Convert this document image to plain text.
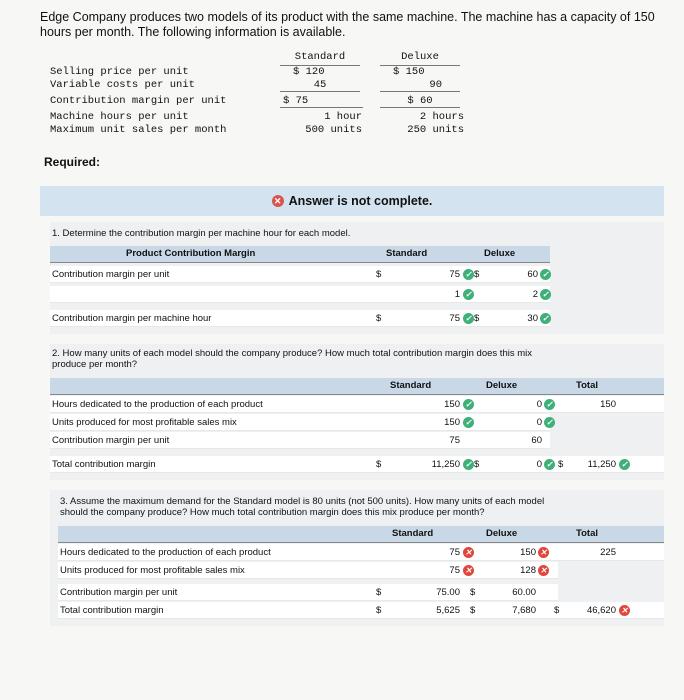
Edge Company produces two models of its product with the same machine. The machine has a capacity of 150 hours per month. The following information is available.
Standard	Deluxe
Selling price per unit	$ 120	$ 150
Variable costs per unit	45	90
Contribution margin per unit	$ 75	$ 60
Machine hours per unit	1 hour	2 hours
Maximum unit sales per month	500 units	250 units
Required:
✕ Answer is not complete.
1. Determine the contribution margin per machine hour for each model.
Product Contribution Margin	Standard	Deluxe
Contribution margin per unit	$	75 ✓ $	60 ✓
1 ✓	2 ✓
Contribution margin per machine hour	$	75 ✓ $	30 ✓
2. How many units of each model should the company produce? How much total contribution margin does this mix
produce per month?
Standard	Deluxe	Total
Hours dedicated to the production of each product	150 ✓	0 ✓	150
Units produced for most profitable sales mix	150 ✓	0 ✓
Contribution margin per unit	75	60
Total contribution margin	$	11,250 ✓ $	0 ✓ $	11,250 ✓
3. Assume the maximum demand for the Standard model is 80 units (not 500 units). How many units of each model
should the company produce? How much total contribution margin does this mix produce per month?
Standard	Deluxe	Total
Hours dedicated to the production of each product	75 ✕	150 ✕	225
Units produced for most profitable sales mix	75 ✕	128 ✕
Contribution margin per unit	$	75.00 $	60.00
Total contribution margin	$	5,625 $	7,680 $	46,620 ✕
